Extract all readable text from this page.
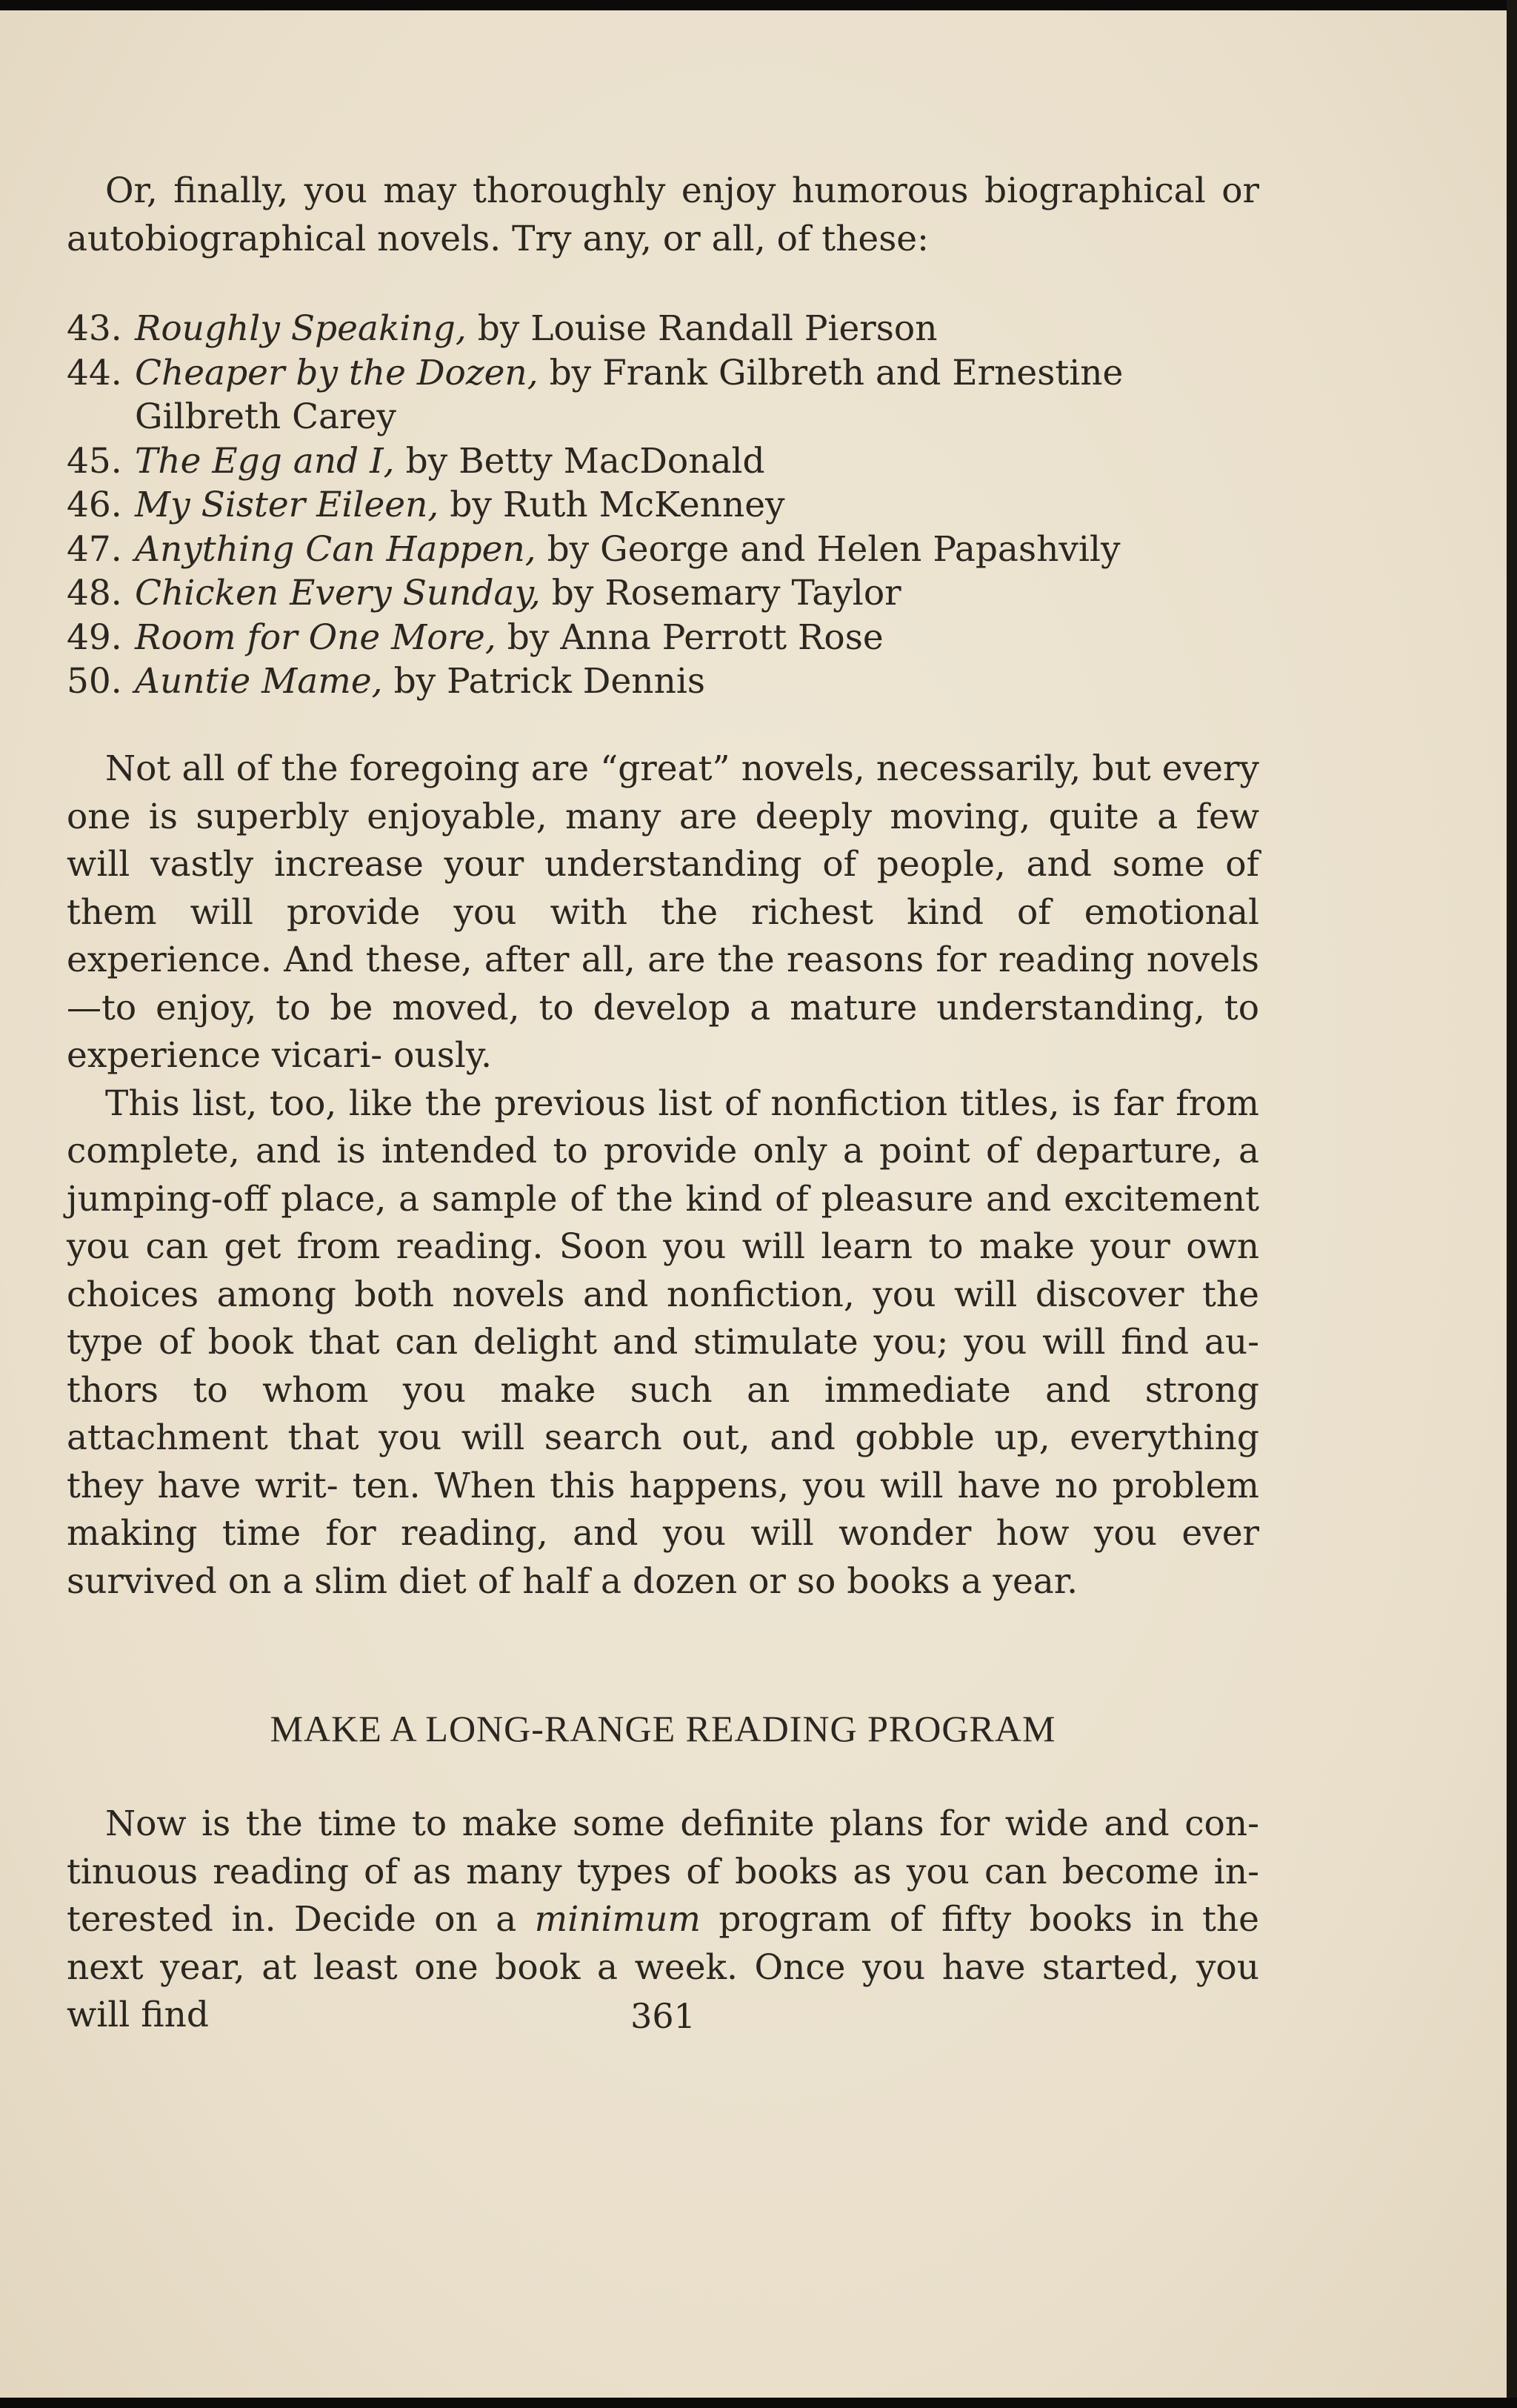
Or, finally, you may thoroughly enjoy humorous biographical or autobiographical novels. Try any, or all, of these:

43. Roughly Speaking, by Louise Randall Pierson
44. Cheaper by the Dozen, by Frank Gilbreth and Ernestine Gilbreth Carey
45. The Egg and I, by Betty MacDonald
46. My Sister Eileen, by Ruth McKenney
47. Anything Can Happen, by George and Helen Papashvily
48. Chicken Every Sunday, by Rosemary Taylor
49. Room for One More, by Anna Perrott Rose
50. Auntie Mame, by Patrick Dennis

Not all of the foregoing are “great” novels, necessarily, but every one is superbly enjoyable, many are deeply moving, quite a few will vastly increase your understanding of people, and some of them will provide you with the richest kind of emotional experience. And these, after all, are the reasons for reading novels—to enjoy, to be moved, to develop a mature understanding, to experience vicari- ously.

This list, too, like the previous list of nonfiction titles, is far from complete, and is intended to provide only a point of departure, a jumping-off place, a sample of the kind of pleasure and excitement you can get from reading. Soon you will learn to make your own choices among both novels and nonfiction, you will discover the type of book that can delight and stimulate you; you will find au- thors to whom you make such an immediate and strong attachment that you will search out, and gobble up, everything they have writ- ten. When this happens, you will have no problem making time for reading, and you will wonder how you ever survived on a slim diet of half a dozen or so books a year.

MAKE A LONG-RANGE READING PROGRAM

Now is the time to make some definite plans for wide and con- tinuous reading of as many types of books as you can become in- terested in. Decide on a minimum program of fifty books in the next year, at least one book a week. Once you have started, you will find	361
